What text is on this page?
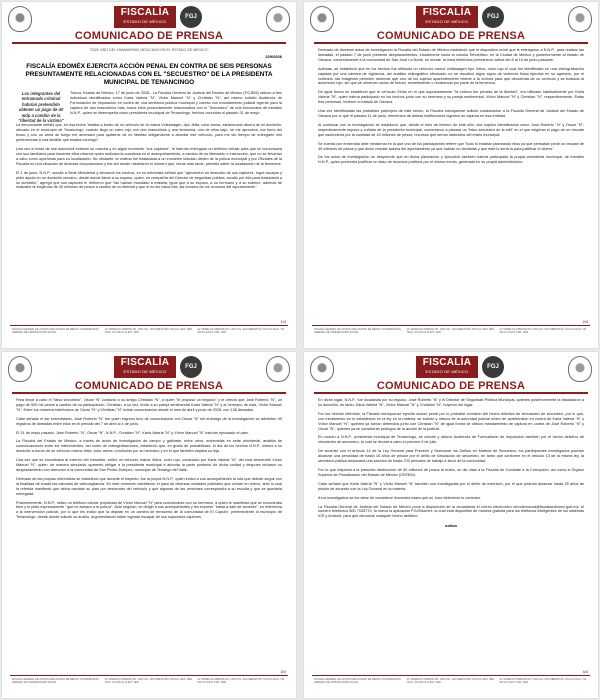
FISCALÍA
ESTADO DE MÉXICO
FGJ
COMUNICADO DE PRENSA
"2026. AÑO DEL HUMANISMO MEXICANO EN EL ESTADO DE MÉXICO"
229/2026
FISCALÍA EDOMÉX EJERCITA ACCIÓN PENAL EN CONTRA DE SEIS PERSONAS PRESUNTAMENTE RELACIONADAS CON EL "SECUESTRO" DE LA PRESIDENTA MUNICIPAL DE TENANCINGO
Los integrantes del entramado criminal habrían pretendido obtener un pago de 40 mdp a cambio de la "libertad de la víctima"

Toluca, Estado de México, 17 de junio de 2026.- La Fiscalía General de Justicia del Estado de México (FGJEM) obtuvo a tres individuos identificados como Karla Valeria "N", Víctor Manuel "N" y Christian "N"; así mismo solicitó Audiencia de Formulación de Imputación en contra de una servidora pública municipal y cuenta con mandamiento judicial vigente para la captura de dos masculinos más, todos ellos presuntamente relacionados con el "Secuestro" de una funcionaria de iniciales N.N.P., quien se desempeña como presidenta municipal de Tenancingo, hechos ocurridos el pasado 31 de mayo.

La denunciante señaló que, en esa fecha "estaba a bordo de un vehículo de la marca Volkswagen, tipo Jetta, color arena, estacionado afuera de mi domicilio, ubicado en el municipio de Tenancingo, cuando llegó un carro rojo con dos masculinos y una femenina, uno de ellos bajó, se me aproximó, me tomó del brazo y con un arma de fuego me amenazó para quitarme de mi libertad obligándome a abordar ese vehículo, para me dio tiempo de entregarle mis pertenencias a una familiar que estaba conmigo".

Una vez a bordo de ese automóvil evitaron su marcha y en algún momento "sus captores", le habrían entregado un teléfono celular para que se comunicara con sus familiares para hacerles ellos mismos quien realizara la cuantiosa en el acompañamiento, a cambio de su liberación e instrucción, que no se llevarían a cabo como oportunas para su localización. No obstante, la víctima fue trasladada a un inmueble ubicado dentro de la policía municipal y por Oficiales de la Fiscalía en una situación de diversas corporaciones y fue ahí donde rastrearon el número que, horas más tarde, permitió saber la localización de la femenina.

El 1 de junio, N.N.P., acudió a Sede Ministerial y denunció los hechos, en su entrevista señaló que "aprovechó un descuido de sus captores, logró escapar y pidió ayuda en un domicilio cercano, desde donde llamó a su esposo, quien, en compañía del Director de seguridad pública, acudió por ella para trasladarla a su domicilio", agregó que sus captores le refirieron que "las habían mandado a matarla, igual que a su esposo, a su hermano y a su sobrino, además de realizarle la exigencia de 40 millones de pesos a cambio de su libertad y que si no les hacía ella, las tomaría de los recursos del ayuntamiento".

1/4
FISCALÍA GENERAL DE JUSTICIA DEL ESTADO DE MÉXICO COORDINACIÓN GENERAL DE COMUNICACIÓN SOCIAL
AV. MORELOS ORIENTE NO. 1300 COL. SAN SEBASTIÁN TOLUCA, EDO. MÉX. TELS. 722 226 16 11 EXT. 1900
AV. MORELOS ORIENTE NO. 1300 COL. SAN SEBASTIÁN, TOLUCA TELS. 722 226 16 11 EXT. 1901, 1902
FISCALÍA
ESTADO DE MÉXICO
FGJ
COMUNICADO DE PRENSA

Derivado de diversos actos de investigación la Fiscalía del Estado de México estableció que el dispositivo móvil que le entregaron a N.N.P., para realizar las llamadas, el pasado 7 de junio presentó desplazamientos, inicialmente hacia la colonia Tehuehilco, en la Ciudad de México y posteriormente al estado de Oaxaca, concretamente a la comunidad de San José La Norte, en donde, la línea telefónica permaneció activa del 8 al 10 de junio pasados.

Además, se estableció que en los hechos fue utilizado un vehículo marca Volkswagen tipo Virtus, color rojo el cual fue identificado en una videograbación captada por una cámara de vigilancia, del análisis videográfico efectuado no se visualizó algún signo de violencia física ejercida en su agresión, por el contrario, las imágenes permiten observar que uno de los sujetos aparentemente retiene a la víctima para que descienda de su vehículo y se traslada al automotor rojo, sin que se observen actos de fuerza, sometimiento o resistencia por parte de la femenina.

De igual forma se estableció que el vehículo Virtus en el que supuestamente "la víctima fue privada de la libertad", era utilizado habitualmente por Karla Valeria "N", quien habría participado en los hechos junto con su hermano y su pareja sentimental, Víctor Manuel "N" y Christian "N", respectivamente. Estas tres personas, hicieron el estado de Oaxaca.

Una vez identificadas las probables partícipes de este hecho, la Fiscalía mexiquense solicitó colaboración a la Fiscalía General de Justicia del Estado de Oaxaca por lo que el pasado 11 de junio, elementos de ambas instituciones lograron su captura en esa entidad.

Al continuar con la investigación se estableció que, desde el mes de febrero de este año, dos sujetos identificados como José Roberto "N" y Oscar "N", respectivamente esposo y cuñado de la presidenta municipal, comentaron a planear un "falso secuestro de la edil" en el que exigirían el pago de un rescate que ascendería por la cantidad de 40 millones de pesos, recursos que serían obtenidos del erario municipal.

Se cuenta con entrevista ante ministerial en la que uno de los participantes refiere que "todo lo estaban planeando ellos ya que pensaban pedir un rescate de 40 millones de pesos y que dicho rescate saldría del ayuntamiento ya que habían un dentistas y que este lo serviría para justificar el dinero".

De los actos de investigación se desprende que en dicha planeación y ejecución también habría participado la propia presidenta municipal, de iniciales N.N.P., quien pretendía justificar un falso de recursos públicos por el mismo monto, generado en su propia administración.

2/4
FISCALÍA GENERAL DE JUSTICIA DEL ESTADO DE MÉXICO COORDINACIÓN GENERAL DE COMUNICACIÓN SOCIAL
AV. MORELOS ORIENTE NO. 1300 COL. SAN SEBASTIÁN TOLUCA, EDO. MÉX. TELS. 722 226 16 11 EXT. 1900
AV. MORELOS ORIENTE NO. 1300 COL. SAN SEBASTIÁN, TOLUCA TELS. 722 226 16 11 EXT. 1901, 1902
FISCALÍA
ESTADO DE MÉXICO
FGJ
COMUNICADO DE PRENSA

Para llevar a cabo el "falso secuestro", Oscar "N" contactó a su amigo Christian "N", a quien "le propuso un negocio" y le ofreció que José Roberto "N", un pago de 500 mil pesos a cambio de su participación. Christian, a su vez, invitó a su pareja sentimental Karla Valeria "N" y al hermano de esta, Víctor Manuel "N". Entre los números telefónicos de Oscar "N" y Christian "N" existe comunicación desde el mes de abril y junio de 2026, con 136 llamadas.

Cabe señalar el ser entrevistado, José Roberto "N" fue quien regresó tuvo de comunicación con Oscar "N" sin embargo de la investigación se advierten 49 registros de llamadas entre ellos en el periodo del 7 de abril al 4 de junio.

El 31 de mayo pasado, José Roberto "N", Oscar "N", N.N.P., Christian "N", Karla Valeria "N" y Víctor Manuel "N" habrían ejecutado el plan.

La Fiscalía del Estado de México, a través de actos de investigación de campo y gabinete, entre otros, entrevistas en sede ministerial, análisis de comunicaciones entre los intervinientes, así como de videograbaciones, estableció que, en grado de probabilidad, el día de los hechos N.N.P., simuló a su domicilio a bordo de un vehículo marca Jetta, color arena, conducido por su hermano y en el que también viajaba su hija.

Una vez que se encontraba al exterior del inmueble, arribó un vehículo marca Virtus, color rojo, conducido por Karla Valeria "N", del cual descendió Víctor Manuel "N", quien, de manera simulada, aparentó obligar a la presidenta municipal a abordar la parte posterior de dicha unidad y después iniciaron su desplazamiento con dirección a la comunidad de San Pedro Zictepec, municipio de Tenango del Valle.

Derivado de las propias entrevistas se estableció que durante el trayecto, fue la propia N.N.P., quien indicó a sus acompañantes la ruta que debían seguir con la finalidad de evadir las cámaras de videovigilancia. En este momento advirtieron el paso de diversas unidades policiales que venían en relevo, ante lo cual la referida manifestó que debía cambiar su plan por descender del vehículo y que algunas de las versiones correspondía a su escolta y que se quedaría entregada.

Posteriormente, N.N.P., utilizó un teléfono celular propiedad de Víctor Manuel "N" para comunicarse con su hermano, a quien le manifestó que se encontraba bien y le pidió expresamente "que no avisara a la policía". Acto seguido, se dirigió a sus acompañantes y les expresó "hasta a salir de acuerdo", en referencia a la intervención policial, por lo que les indicó que la dejaran en un camino de terracería de la comunidad de El Capulín, perteneciente al municipio de Tenancingo, desde donde solicitó su auxilio, argumentando haber logrado escapar de sus supuestos captores.

3/4
FISCALÍA GENERAL DE JUSTICIA DEL ESTADO DE MÉXICO COORDINACIÓN GENERAL DE COMUNICACIÓN SOCIAL
AV. MORELOS ORIENTE NO. 1300 COL. SAN SEBASTIÁN TOLUCA, EDO. MÉX. TELS. 722 226 16 11 EXT. 1900
AV. MORELOS ORIENTE NO. 1300 COL. SAN SEBASTIÁN, TOLUCA TELS. 722 226 16 11 EXT. 1901, 1902
FISCALÍA
ESTADO DE MÉXICO
FGJ
COMUNICADO DE PRENSA

En dicho lugar, N.N.P., fue localizada por su esposo, José Roberto "N" y el Director de Seguridad Pública Municipal, quienes posteriormente la trasladaron a su domicilio, en tanto, Karla Valeria "N", Víctor Manuel "N" y Christian "N", huyeron del lugar.

Por los hechos referidos, la Fiscalía mexiquense ejercitó acción penal por lo probable comisión del hecho delictivo de simulación de secuestro, por lo que, con fundamento en lo establecido en la ley en la materia, se solicitó y obtuvo de la autoridad judicial orden de aprehensión en contra de Karla Valeria "N" y Víctor Manuel "N", quienes ya fueron detenidos junto con Christian "N" de igual forma se obtuvo mandamiento de captura en contra de José Roberto "N" y Oscar "N", quienes ya se consideran prófugos de la acción de la justicia.

En cuanto a N.N.P., presidenta municipal de Tenancingo, se solicitó y obtuvo Audiencia de Formulación de Imputación también por el hecho delictivo de simulación de secuestro, la cual se llevará a cabo el próximo 9 de julio.

De acuerdo con el artículo 14 de la Ley General para Prevenir y Sancionar los Delitos en Materia de Secuestro, los participantes investigados podrían alcanzar una penalidad de hasta 16 años de prisión por el delito de simulación de secuestro, en tanto que conforme en el artículo 13 de la misma ley, la servidora pública alcanzaría una sanción de hasta 700 periodos de trabajo a favor de la comunidad.

Por lo que respecta a la presunta obstrucción de 40 millones de pesos al erario, se dio vista a la Fiscalía de Combate a la Corrupción, así como a Órgano Superior de Fiscalización del Estado de México (OSFEM).

Cabe señalar que Karla Valeria "N" y Víctor Manuel "N" también son investigadas por el delito de extorsión, por el que podrían alcanzar hasta 25 años de prisión de acuerdo con la Ley General en la materia.

A los investigados se les debe de considerar inocentes hasta que un Juez determine lo contrario.

La Fiscalía General de Justicia del Estado de México pone a disposición de la ciudadanía el correo electrónico cerodenuncia@fiscaliaedomex.gob.mx, el número telefónico 800 7028770, la nueva la aplicación FGJEdoméx, la cual está disponible de manera gratuita para los teléfonos inteligentes de los sistemas iOS y Android, para que denuncie cualquier hecho delictivo.

oo0oo
4/4
FISCALÍA GENERAL DE JUSTICIA DEL ESTADO DE MÉXICO COORDINACIÓN GENERAL DE COMUNICACIÓN SOCIAL
AV. MORELOS ORIENTE NO. 1300 COL. SAN SEBASTIÁN TOLUCA, EDO. MÉX. TELS. 722 226 16 11 EXT. 1900
AV. MORELOS ORIENTE NO. 1300 COL. SAN SEBASTIÁN, TOLUCA TELS. 722 226 16 11 EXT. 1901, 1902
